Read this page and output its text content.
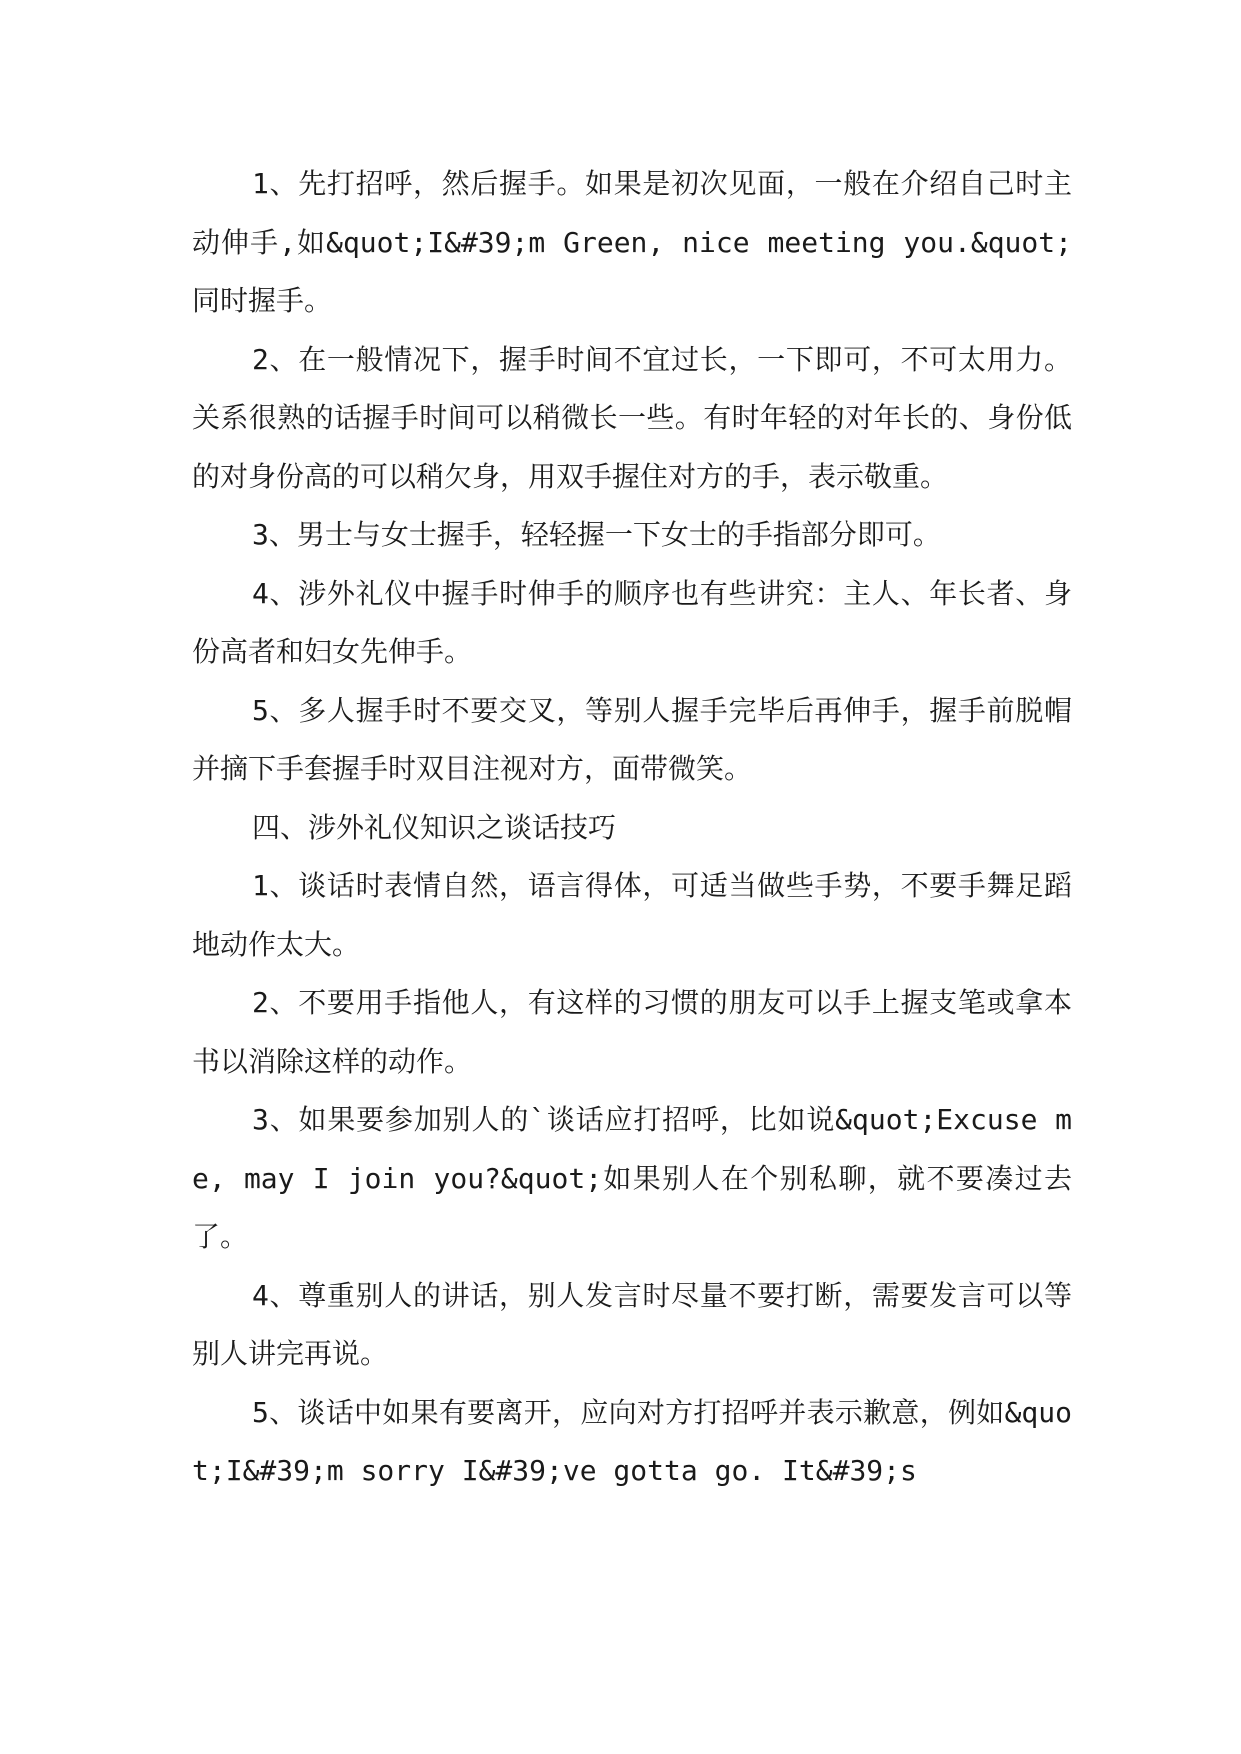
1、先打招呼，然后握手。如果是初次见面，一般在介绍自己时主动伸手,如&quot;I&#39;m Green, nice meeting you.&quot;同时握手。

2、在一般情况下，握手时间不宜过长，一下即可，不可太用力。关系很熟的话握手时间可以稍微长一些。有时年轻的对年长的、身份低的对身份高的可以稍欠身，用双手握住对方的手，表示敬重。

3、男士与女士握手，轻轻握一下女士的手指部分即可。

4、涉外礼仪中握手时伸手的顺序也有些讲究：主人、年长者、身份高者和妇女先伸手。

5、多人握手时不要交叉，等别人握手完毕后再伸手，握手前脱帽并摘下手套握手时双目注视对方，面带微笑。

四、涉外礼仪知识之谈话技巧

1、谈话时表情自然，语言得体，可适当做些手势，不要手舞足蹈地动作太大。

2、不要用手指他人，有这样的习惯的朋友可以手上握支笔或拿本书以消除这样的动作。

3、如果要参加别人的`谈话应打招呼，比如说&quot;Excuse me, may I join you?&quot;如果别人在个别私聊，就不要凑过去了。

4、尊重别人的讲话，别人发言时尽量不要打断，需要发言可以等别人讲完再说。

5、谈话中如果有要离开，应向对方打招呼并表示歉意，例如&quot;I&#39;m sorry I&#39;ve gotta go. It&#39;s
